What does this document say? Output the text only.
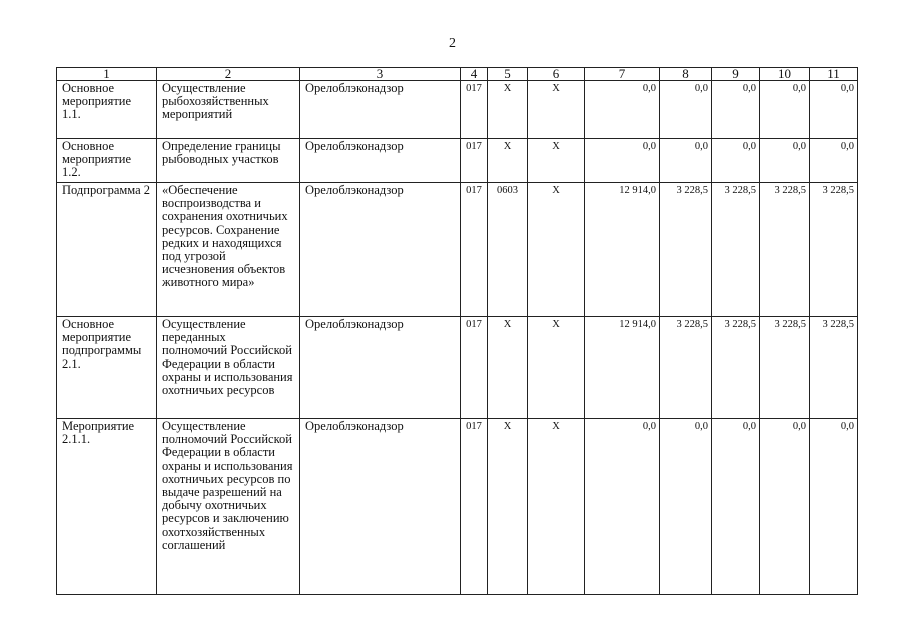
2
1	2	3	4	5	6	7	8	9	10	11
Основное мероприятие 1.1.	Осуществление рыбохозяйственных мероприятий	Орелоблэконадзор	017	Х	Х	0,0	0,0	0,0	0,0	0,0
Основное мероприятие 1.2.	Определение границы рыбоводных участков	Орелоблэконадзор	017	Х	Х	0,0	0,0	0,0	0,0	0,0
Подпрограмма 2	«Обеспечение воспроизводства и сохранения охотничьих ресурсов. Сохранение редких и находящихся под угрозой исчезновения объектов животного мира»	Орелоблэконадзор	017	0603	Х	12 914,0	3 228,5	3 228,5	3 228,5	3 228,5
Основное мероприятие подпрограммы 2.1.	Осуществление переданных полномочий Российской Федерации в области охраны и использования охотничьих ресурсов	Орелоблэконадзор	017	Х	Х	12 914,0	3 228,5	3 228,5	3 228,5	3 228,5
Мероприятие 2.1.1.	Осуществление полномочий Российской Федерации в области охраны и использования охотничьих ресурсов по выдаче разрешений на добычу охотничьих ресурсов и заключению охотхозяйственных соглашений	Орелоблэконадзор	017	Х	Х	0,0	0,0	0,0	0,0	0,0
